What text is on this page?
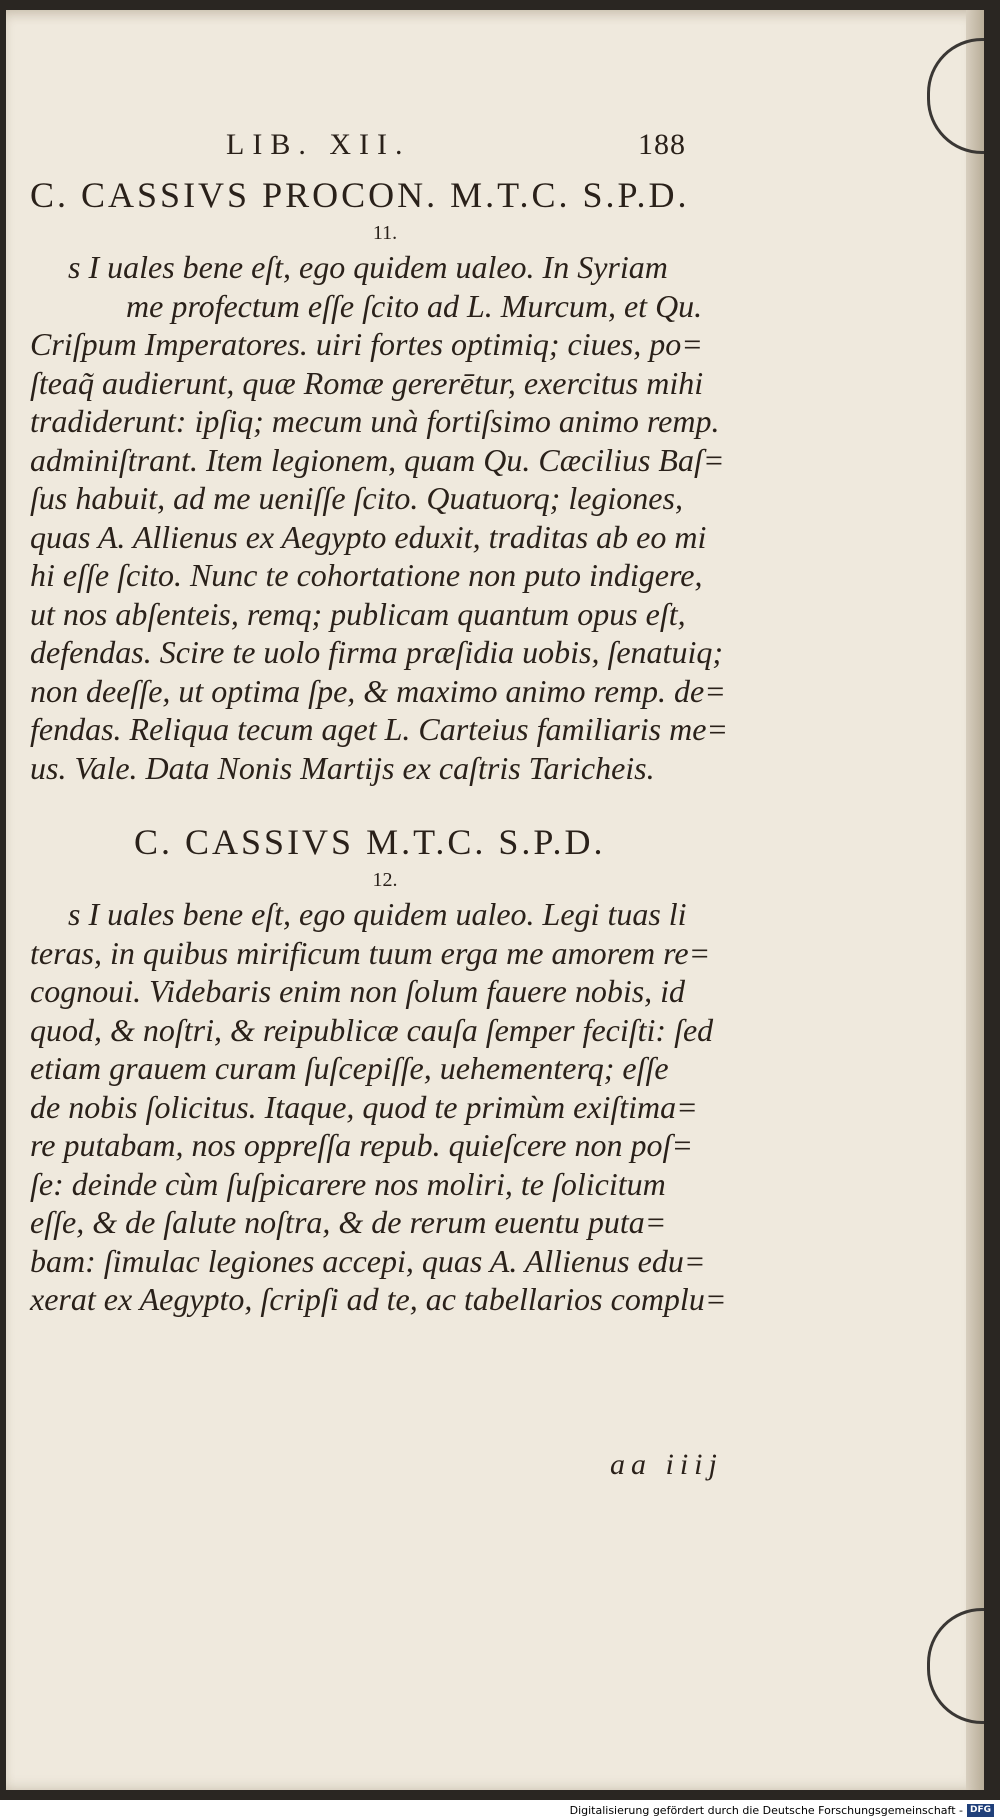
LIB. XII.	188
C. CASSIVS PROCON. M.T.C. S.P.D.
11.
s I uales bene eſt, ego quidem ualeo. In Syriam
me profectum eſſe ſcito ad L. Murcum, et Qu.
Criſpum Imperatores. uiri fortes optimiq; ciues, po=
ſteaq̃ audierunt, quæ Romæ gererētur, exercitus mihi
tradiderunt: ipſiq; mecum unà fortiſsimo animo remp.
adminiſtrant. Item legionem, quam Qu. Cæcilius Baſ=
ſus habuit, ad me ueniſſe ſcito. Quatuorq; legiones,
quas A. Allienus ex Aegypto eduxit, traditas ab eo mi
hi eſſe ſcito. Nunc te cohortatione non puto indigere,
ut nos abſenteis, remq; publicam quantum opus eſt,
defendas. Scire te uolo firma præſidia uobis, ſenatuiq;
non deeſſe, ut optima ſpe, & maximo animo remp. de=
fendas. Reliqua tecum aget L. Carteius familiaris me=
us. Vale. Data Nonis Martijs ex caſtris Taricheis.
C. CASSIVS M.T.C. S.P.D.
12.
s I uales bene eſt, ego quidem ualeo. Legi tuas li
teras, in quibus mirificum tuum erga me amorem re=
cognoui. Videbaris enim non ſolum fauere nobis, id
quod, & noſtri, & reipublicæ cauſa ſemper feciſti: ſed
etiam grauem curam ſuſcepiſſe, uehementerq; eſſe
de nobis ſolicitus. Itaque, quod te primùm exiſtima=
re putabam, nos oppreſſa repub. quieſcere non poſ=
ſe: deinde cùm ſuſpicarere nos moliri, te ſolicitum
eſſe, & de ſalute noſtra, & de rerum euentu puta=
bam: ſimulac legiones accepi, quas A. Allienus edu=
xerat ex Aegypto, ſcripſi ad te, ac tabellarios complu=
aa iiij
Digitalisierung gefördert durch die Deutsche Forschungsgemeinschaft - DFG
